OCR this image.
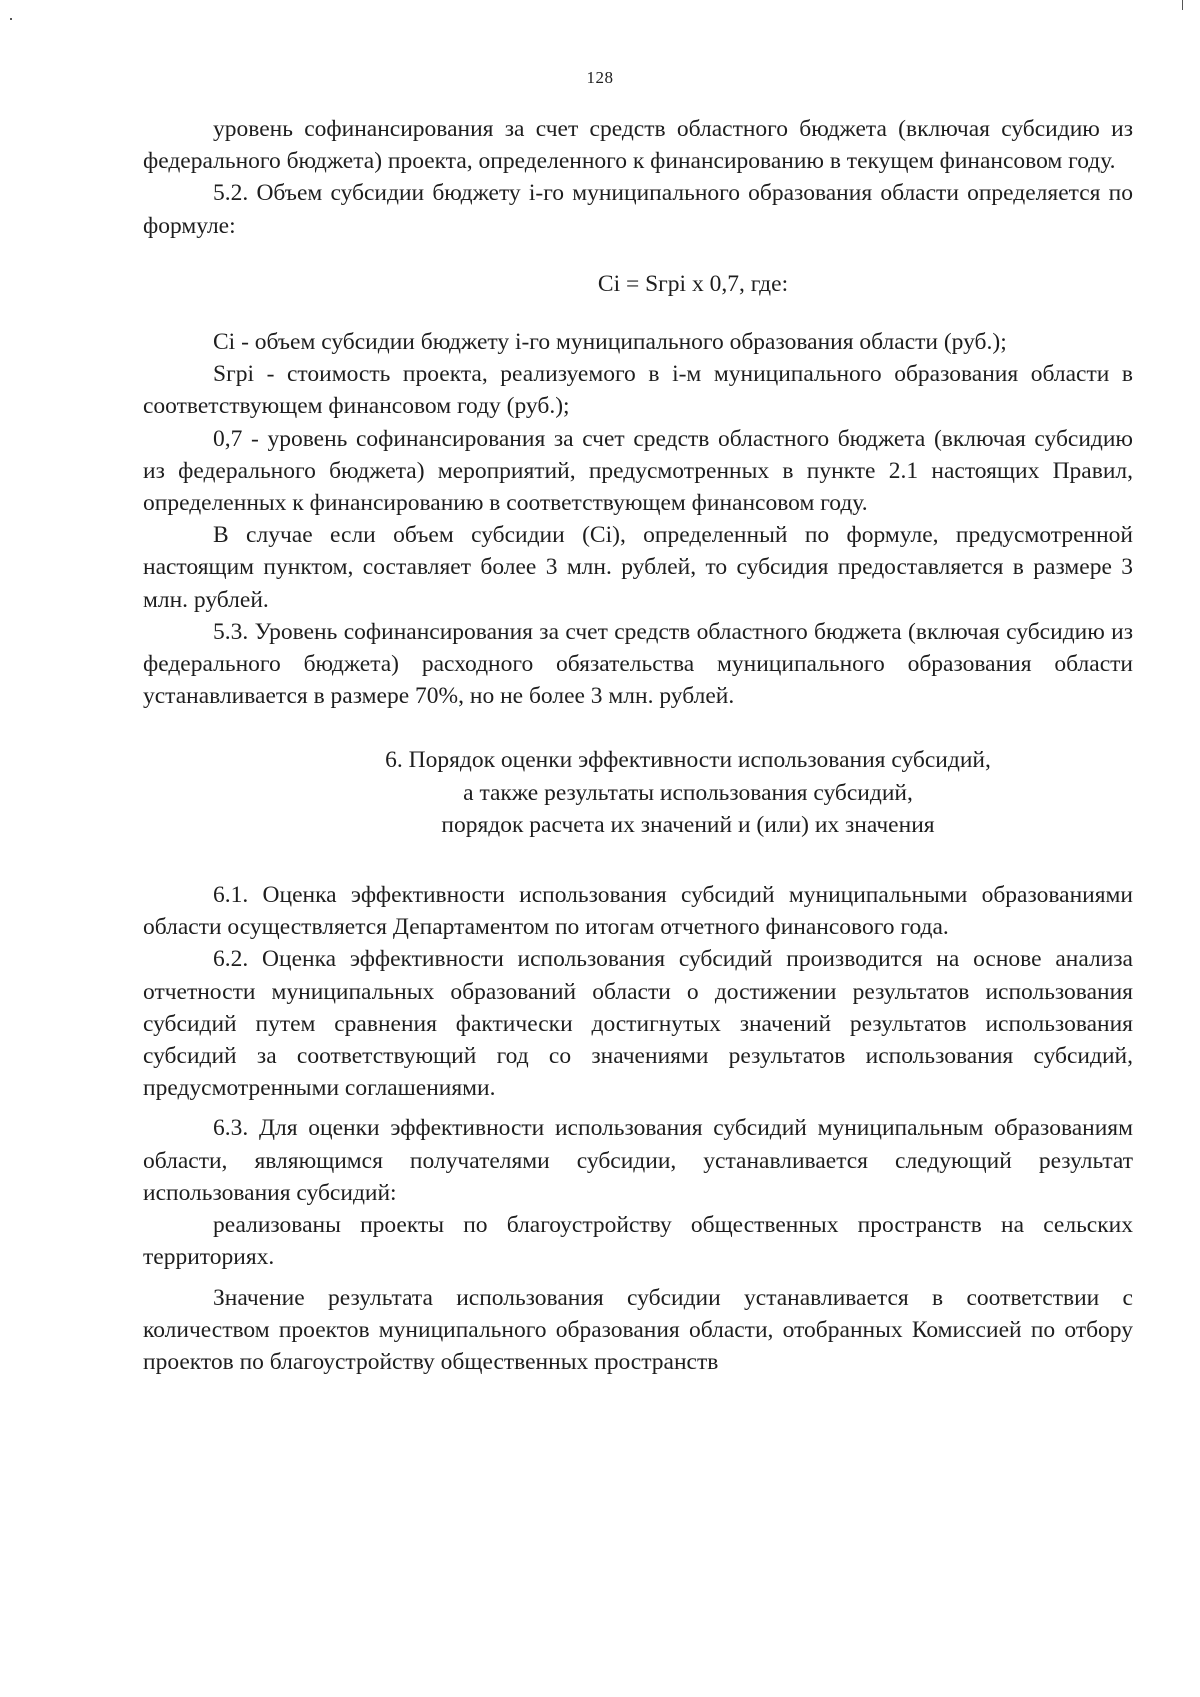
128

уровень софинансирования за счет средств областного бюджета (включая субсидию из федерального бюджета) проекта, определенного к финансированию в текущем финансовом году.

5.2. Объем субсидии бюджету i-го муниципального образования области определяется по формуле:

Ci = Sгpi x 0,7, где:

Ci - объем субсидии бюджету i-го муниципального образования области (руб.);

Sгpi - стоимость проекта, реализуемого в i-м муниципального образования области в соответствующем финансовом году (руб.);

0,7 - уровень софинансирования за счет средств областного бюджета (включая субсидию из федерального бюджета) мероприятий, предусмотренных в пункте 2.1 настоящих Правил, определенных к финансированию в соответствующем финансовом году.

В случае если объем субсидии (Ci), определенный по формуле, предусмотренной настоящим пунктом, составляет более 3 млн. рублей, то субсидия предоставляется в размере 3 млн. рублей.

5.3. Уровень софинансирования за счет средств областного бюджета (включая субсидию из федерального бюджета) расходного обязательства муниципального образования области устанавливается в размере 70%, но не более 3 млн. рублей.

6. Порядок оценки эффективности использования субсидий,
а также результаты использования субсидий,
порядок расчета их значений и (или) их значения

6.1. Оценка эффективности использования субсидий муниципальными образованиями области осуществляется Департаментом по итогам отчетного финансового года.

6.2. Оценка эффективности использования субсидий производится на основе анализа отчетности муниципальных образований области о достижении результатов использования субсидий путем сравнения фактически достигнутых значений результатов использования субсидий за соответствующий год со значениями результатов использования субсидий, предусмотренными соглашениями.

6.3. Для оценки эффективности использования субсидий муниципальным образованиям области, являющимся получателями субсидии, устанавливается следующий результат использования субсидий:

реализованы проекты по благоустройству общественных пространств на сельских территориях.

Значение результата использования субсидии устанавливается в соответствии с количеством проектов муниципального образования области, отобранных Комиссией по отбору проектов по благоустройству общественных пространств
